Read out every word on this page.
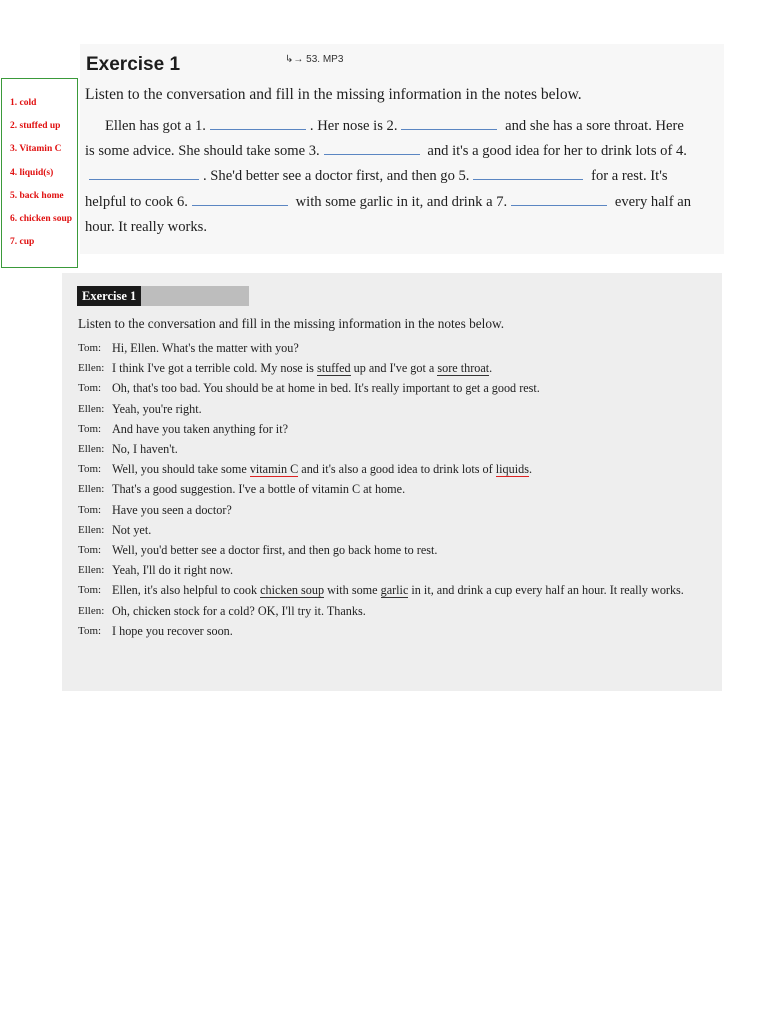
1. cold
2. stuffed up
3. Vitamin C
4. liquid(s)
5. back home
6. chicken soup
7. cup
Exercise 1	↳→ 53. MP3
Listen to the conversation and fill in the missing information in the notes below.

Ellen has got a 1.	. Her nose is 2.	and she has a sore throat. Here is some advice. She should take some 3.	and it's a good idea for her to drink lots of 4.. She'd better see a doctor first, and then go 5.	for a rest. It's helpful to cook 6.	with some garlic in it, and drink a 7.	every half an hour. It really works.

Exercise 1
Listen to the conversation and fill in the missing information in the notes below.
Tom: Hi, Ellen. What's the matter with you?
Ellen: I think I've got a terrible cold. My nose is stuffed up and I've got a sore throat.
Tom: Oh, that's too bad. You should be at home in bed. It's really important to get a good rest.
Ellen: Yeah, you're right.
Tom: And have you taken anything for it?
Ellen: No, I haven't.
Tom: Well, you should take some vitamin C and it's also a good idea to drink lots of liquids.
Ellen: That's a good suggestion. I've a bottle of vitamin C at home.
Tom: Have you seen a doctor?
Ellen: Not yet.
Tom: Well, you'd better see a doctor first, and then go back home to rest.
Ellen: Yeah, I'll do it right now.
Tom: Ellen, it's also helpful to cook chicken soup with some garlic in it, and drink a cup every half an hour. It really works.
Ellen: Oh, chicken stock for a cold? OK, I'll try it. Thanks.
Tom: I hope you recover soon.
